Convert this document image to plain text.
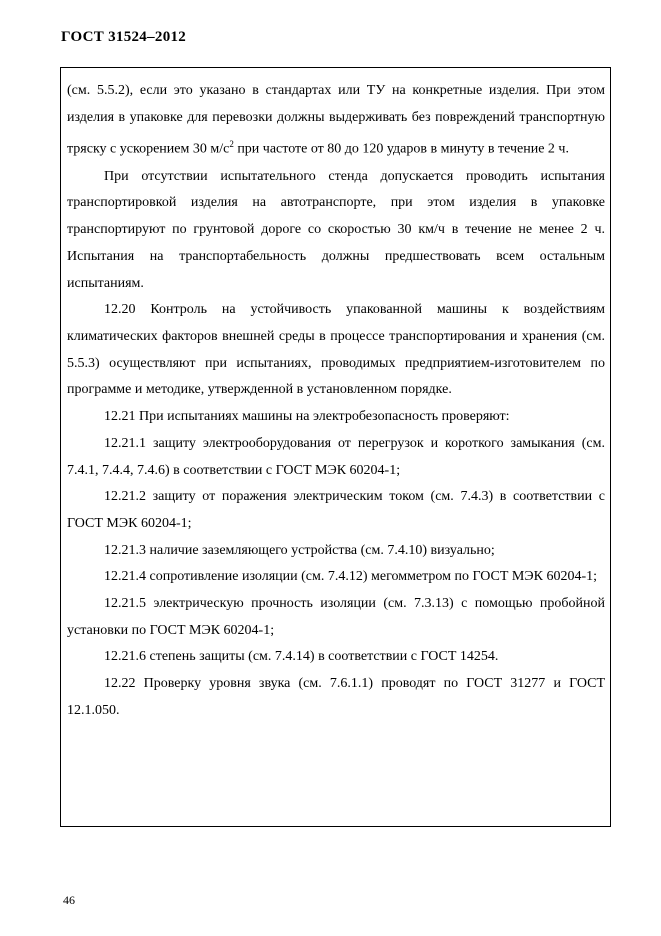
ГОСТ 31524–2012

(см. 5.5.2), если это указано в стандартах или ТУ на конкретные изделия. При этом изделия в упаковке для перевозки должны выдерживать без повреждений транспортную тряску с ускорением 30 $м/с^2$ при частоте от 80 до 120 ударов в минуту в течение 2 ч.

При отсутствии испытательного стенда допускается проводить испытания транспортировкой изделия на автотранспорте, при этом изделия в упаковке транспортируют по грунтовой дороге со скоростью 30 км/ч в течение не менее 2 ч. Испытания на транспортабельность должны предшествовать всем остальным испытаниям.

12.20 Контроль на устойчивость упакованной машины к воздействиям климатических факторов внешней среды в процессе транспортирования и хранения (см. 5.5.3) осуществляют при испытаниях, проводимых предприятием-изготовителем по программе и методике, утвержденной в установленном порядке.

12.21 При испытаниях машины на электробезопасность проверяют:

12.21.1 защиту электрооборудования от перегрузок и короткого замыкания (см. 7.4.1, 7.4.4, 7.4.6) в соответствии с ГОСТ МЭК 60204-1;

12.21.2 защиту от поражения электрическим током (см. 7.4.3) в соответствии с ГОСТ МЭК 60204-1;

12.21.3 наличие заземляющего устройства (см. 7.4.10) визуально;

12.21.4 сопротивление изоляции (см. 7.4.12) мегомметром по ГОСТ МЭК 60204-1;

12.21.5 электрическую прочность изоляции (см. 7.3.13) с помощью пробойной установки по ГОСТ МЭК 60204-1;

12.21.6 степень защиты (см. 7.4.14) в соответствии с ГОСТ 14254.

12.22 Проверку уровня звука (см. 7.6.1.1) проводят по ГОСТ 31277 и ГОСТ 12.1.050.

46
